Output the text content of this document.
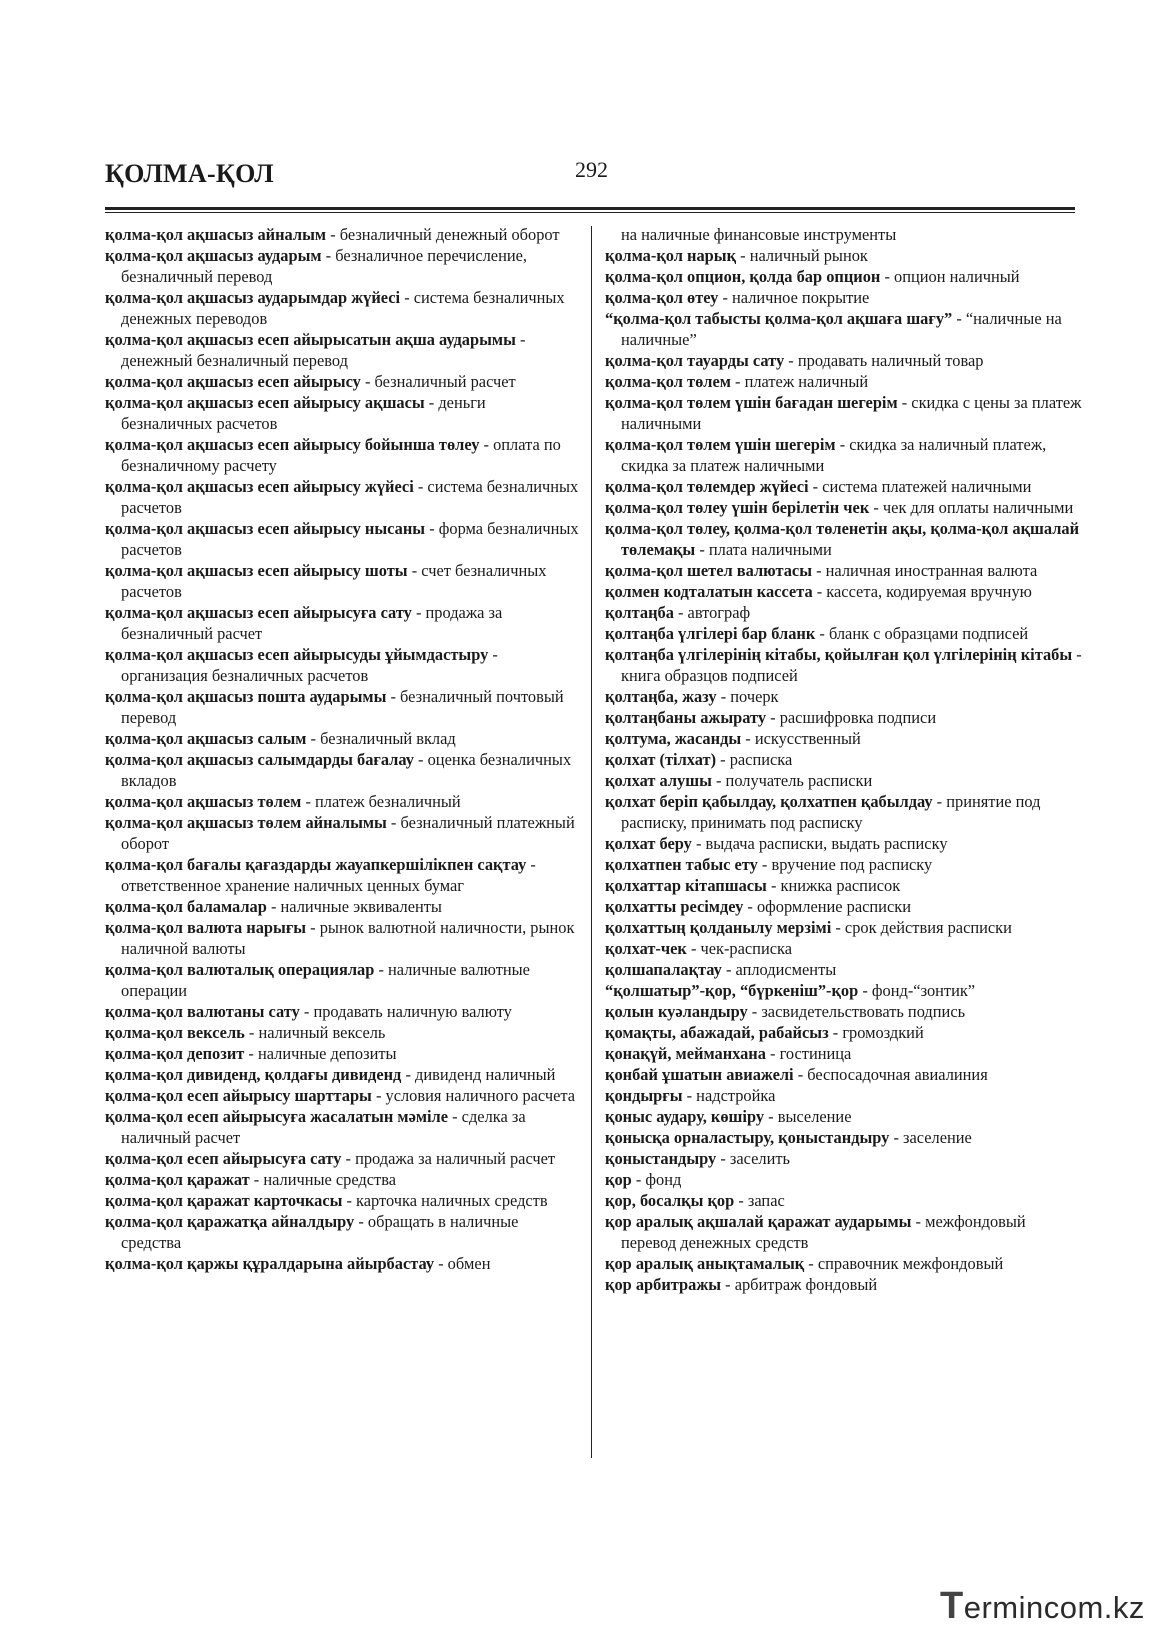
ҚОЛМА-ҚОЛ	292

қолма-қол ақшасыз айналым - безналичный денежный оборот

қолма-қол ақшасыз аударым - безналичное перечисление, безналичный перевод

қолма-қол ақшасыз аударымдар жүйесі - система безналичных денежных переводов

қолма-қол ақшасыз есеп айырысатын ақша аударымы - денежный безналичный перевод

қолма-қол ақшасыз есеп айырысу - безналичный расчет

қолма-қол ақшасыз есеп айырысу ақшасы - деньги безналичных расчетов

қолма-қол ақшасыз есеп айырысу бойынша төлеу - оплата по безналичному расчету

қолма-қол ақшасыз есеп айырысу жүйесі - система безналичных расчетов

қолма-қол ақшасыз есеп айырысу нысаны - форма безналичных расчетов

қолма-қол ақшасыз есеп айырысу шоты - счет безналичных расчетов

қолма-қол ақшасыз есеп айырысуға сату - продажа за безналичный расчет

қолма-қол ақшасыз есеп айырысуды ұйымдастыру - организация безналичных расчетов

қолма-қол ақшасыз пошта аударымы - безналичный почтовый перевод

қолма-қол ақшасыз салым - безналичный вклад

қолма-қол ақшасыз салымдарды бағалау - оценка безналичных вкладов

қолма-қол ақшасыз төлем - платеж безналичный

қолма-қол ақшасыз төлем айналымы - безналичный платежный оборот

қолма-қол бағалы қағаздарды жауапкершілікпен сақтау - ответственное хранение наличных ценных бумаг

қолма-қол баламалар - наличные эквиваленты

қолма-қол валюта нарығы - рынок валютной наличности, рынок наличной валюты

қолма-қол валюталық операциялар - наличные валютные операции

қолма-қол валютаны сату - продавать наличную валюту

қолма-қол вексель - наличный вексель

қолма-қол депозит - наличные депозиты

қолма-қол дивиденд, қолдағы дивиденд - дивиденд наличный

қолма-қол есеп айырысу шарттары - условия наличного расчета

қолма-қол есеп айырысуға жасалатын мәміле - сделка за наличный расчет

қолма-қол есеп айырысуға сату - продажа за наличный расчет

қолма-қол қаражат - наличные средства

қолма-қол қаражат карточкасы - карточка наличных средств

қолма-қол қаражатқа айналдыру - обращать в наличные средства

қолма-қол қаржы құралдарына айырбастау - обмен

на наличные финансовые инструменты

қолма-қол нарық - наличный рынок

қолма-қол опцион, қолда бар опцион - опцион наличный

қолма-қол өтеу - наличное покрытие

“қолма-қол табысты қолма-қол ақшаға шағу” - “наличные на наличные”

қолма-қол тауарды сату - продавать наличный товар

қолма-қол төлем - платеж наличный

қолма-қол төлем үшін бағадан шегерім - скидка с цены за платеж наличными

қолма-қол төлем үшін шегерім - скидка за наличный платеж, скидка за платеж наличными

қолма-қол төлемдер жүйесі - система платежей наличными

қолма-қол төлеу үшін берілетін чек - чек для оплаты наличными

қолма-қол төлеу, қолма-қол төленетін ақы, қолма-қол ақшалай төлемақы - плата наличными

қолма-қол шетел валютасы - наличная иностранная валюта

қолмен кодталатын кассета - кассета, кодируемая вручную

қолтаңба - автограф

қолтаңба үлгілері бар бланк - бланк с образцами подписей

қолтаңба үлгілерінің кітабы, қойылған қол үлгілерінің кітабы - книга образцов подписей

қолтаңба, жазу - почерк

қолтаңбаны ажырату - расшифровка подписи

қолтума, жасанды - искусственный

қолхат (тілхат) - расписка

қолхат алушы - получатель расписки

қолхат беріп қабылдау, қолхатпен қабылдау - принятие под расписку, принимать под расписку

қолхат беру - выдача расписки, выдать расписку

қолхатпен табыс ету - вручение под расписку

қолхаттар кітапшасы - книжка расписок

қолхатты ресімдеу - оформление расписки

қолхаттың қолданылу мерзімі - срок действия расписки

қолхат-чек - чек-расписка

қолшапалақтау - аплодисменты

“қолшатыр”-қор, “бүркеніш”-қор - фонд-“зонтик”

қолын куәландыру - засвидетельствовать подпись

қомақты, абажадай, рабайсыз - громоздкий

қонақүй, мейманхана - гостиница

қонбай ұшатын авиажелі - беспосадочная авиалиния

қондырғы - надстройка

қоныс аудару, көшіру - выселение

қонысқа орналастыру, қоныстандыру - заселение

қоныстандыру - заселить

қор - фонд

қор, босалқы қор - запас

қор аралық ақшалай қаражат аударымы - межфондовый перевод денежных средств

қор аралық анықтамалық - справочник межфондовый

қор арбитражы - арбитраж фондовый

Termincom.kz
